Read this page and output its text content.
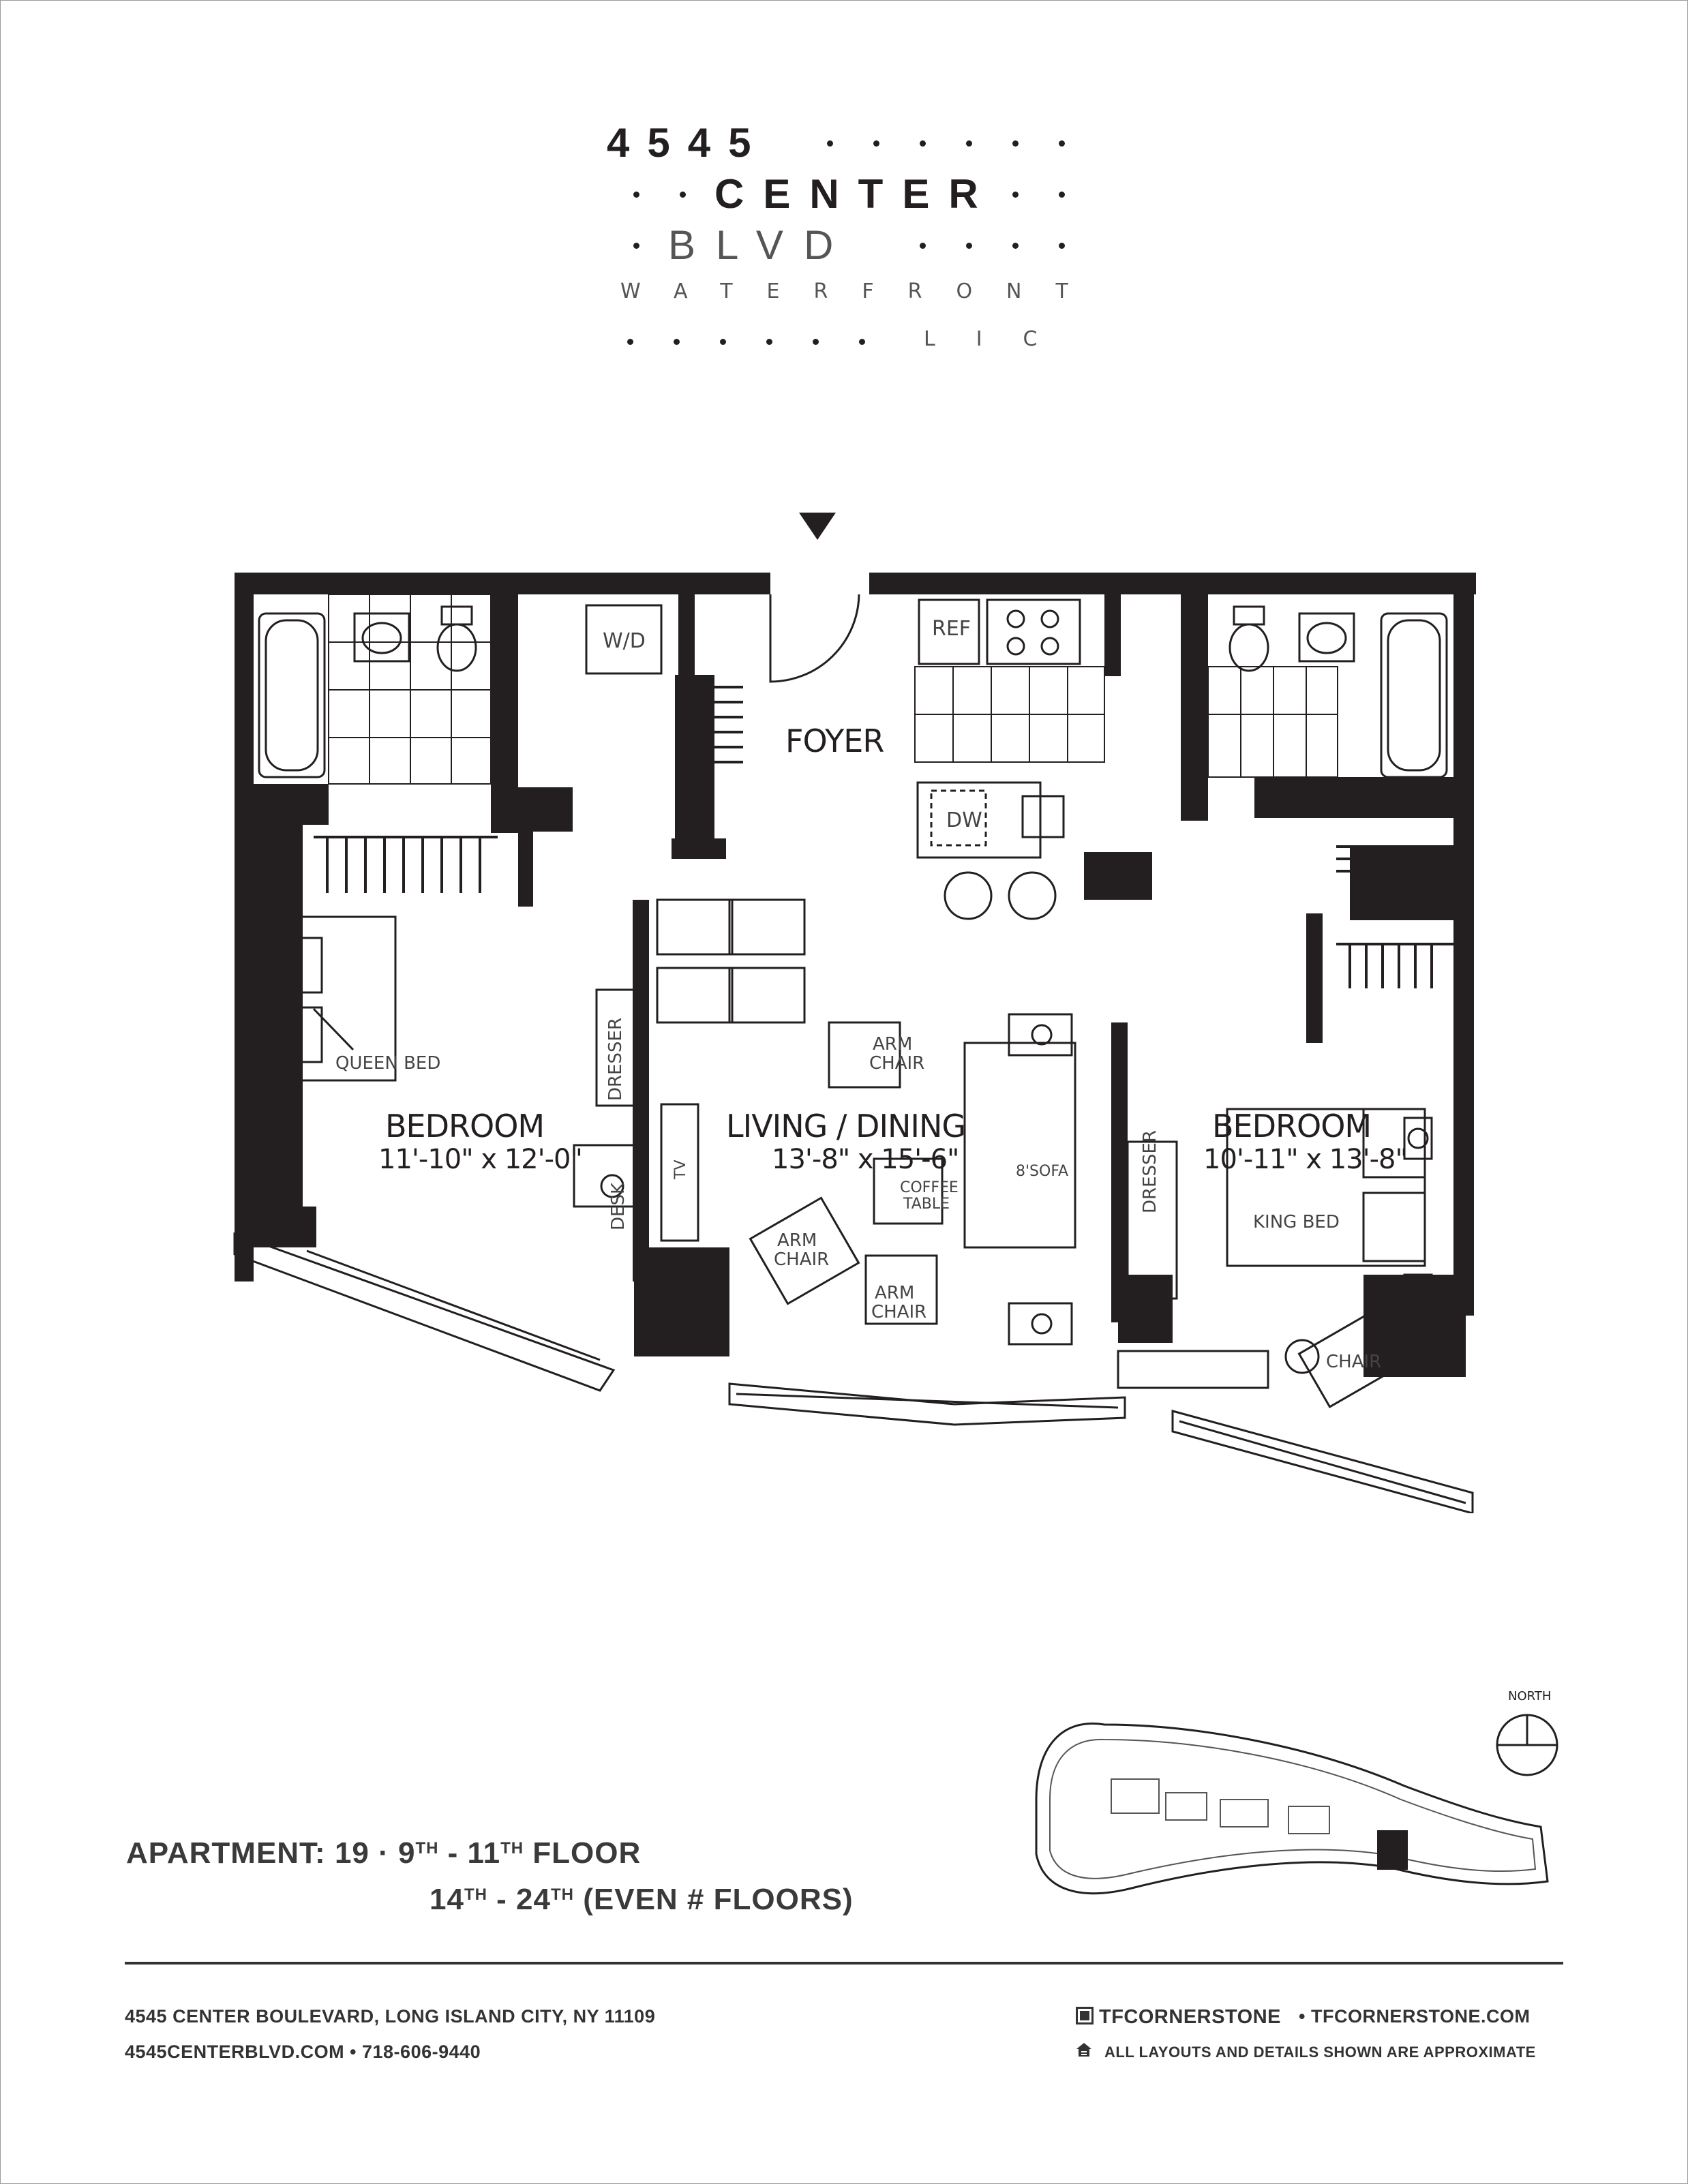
4545
CENTER
BLVD
WATERFRONT
LIC
FOYER
W/D
REF
DW
BEDROOM
11'-10" x 12'-0"
LIVING / DINING
13'-8" x 15'-6"
BEDROOM
10'-11" x 13'-8"
QUEEN BED	DRESSER
DESK
TV
ARM
CHAIR
ARM
CHAIR
ARM
CHAIR
COFFEE
TABLE
8'SOFA	DRESSER
KING BED
CHAIR
NORTH
APARTMENT: 19 · 9TH - 11TH FLOOR
14TH - 24TH (EVEN # FLOORS)
4545 CENTER BOULEVARD, LONG ISLAND CITY, NY 11109
4545CENTERBLVD.COM • 718-606-9440
TFCORNERSTONE • TFCORNERSTONE.COM
ALL LAYOUTS AND DETAILS SHOWN ARE APPROXIMATE
